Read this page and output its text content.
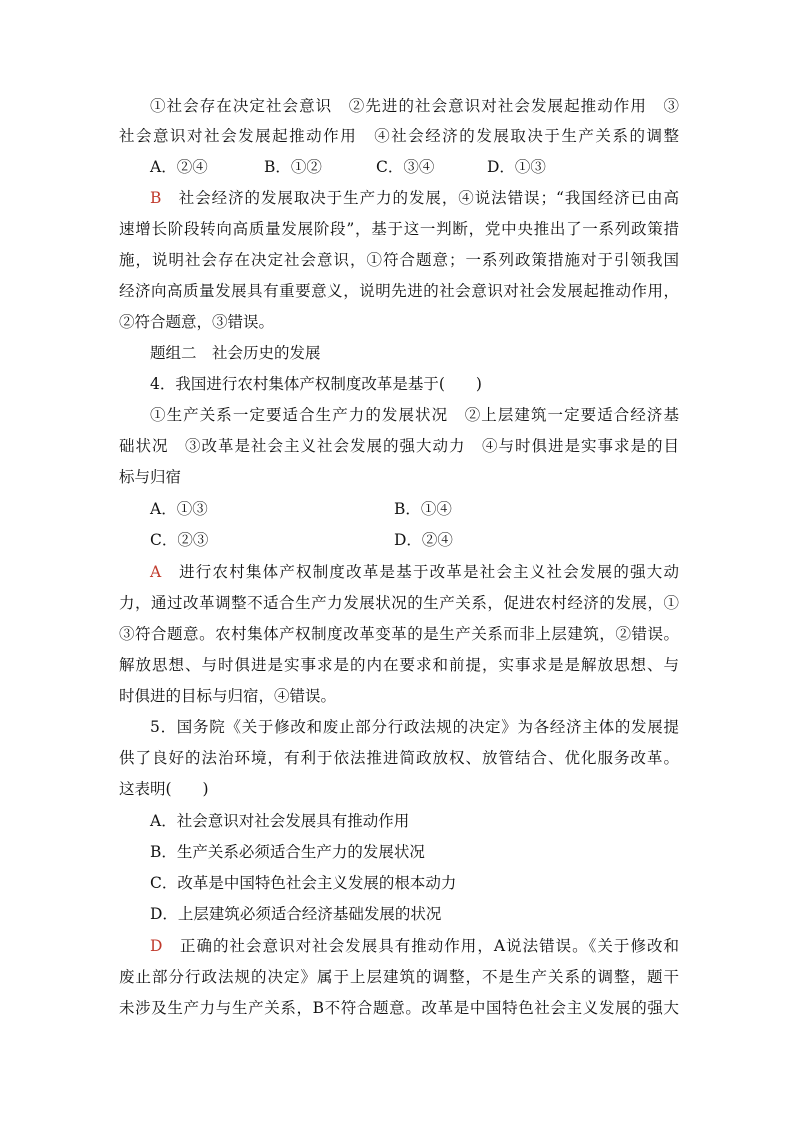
①社会存在决定社会意识　②先进的社会意识对社会发展起推动作用　③
社会意识对社会发展起推动作用　④社会经济的发展取决于生产关系的调整
A．②④	B．①②	C．③④	D．①③
B　 社会经济的发展取决于生产力的发展，④说法错误；“我国经济已由高
速增长阶段转向高质量发展阶段”，基于这一判断，党中央推出了一系列政策措
施，说明社会存在决定社会意识，①符合题意；一系列政策措施对于引领我国
经济向高质量发展具有重要意义，说明先进的社会意识对社会发展起推动作用，
②符合题意，③错误。
题组二　社会历史的发展
4．我国进行农村集体产权制度改革是基于(　　)
①生产关系一定要适合生产力的发展状况　②上层建筑一定要适合经济基
础状况　③改革是社会主义社会发展的强大动力　④与时俱进是实事求是的目
标与归宿
A．①③	B．①④
C．②③	D．②④
A　 进行农村集体产权制度改革是基于改革是社会主义社会发展的强大动
力，通过改革调整不适合生产力发展状况的生产关系，促进农村经济的发展，①
③符合题意。农村集体产权制度改革变革的是生产关系而非上层建筑，②错误。
解放思想、与时俱进是实事求是的内在要求和前提，实事求是是解放思想、与
时俱进的目标与归宿，④错误。
5．国务院《关于修改和废止部分行政法规的决定》为各经济主体的发展提
供了良好的法治环境，有利于依法推进简政放权、放管结合、优化服务改革。
这表明(　　)
A．社会意识对社会发展具有推动作用
B．生产关系必须适合生产力的发展状况
C．改革是中国特色社会主义发展的根本动力
D．上层建筑必须适合经济基础发展的状况
D　 正确的社会意识对社会发展具有推动作用，A说法错误。《关于修改和
废止部分行政法规的决定》属于上层建筑的调整，不是生产关系的调整，题干
未涉及生产力与生产关系，B不符合题意。改革是中国特色社会主义发展的强大
